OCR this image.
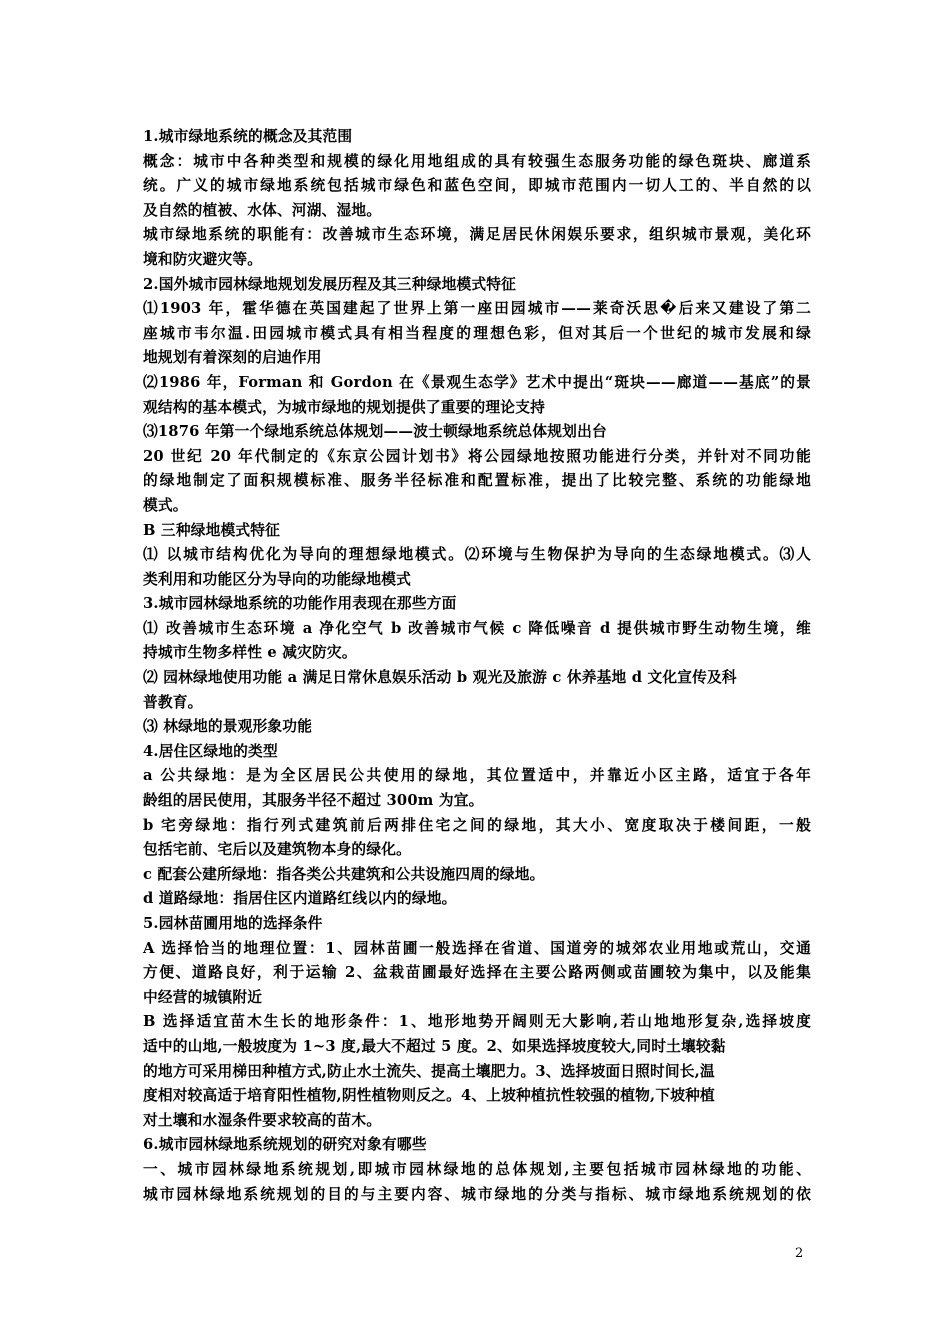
1.城市绿地系统的概念及其范围
概念：城市中各种类型和规模的绿化用地组成的具有较强生态服务功能的绿色斑块、廊道系
统。广义的城市绿地系统包括城市绿色和蓝色空间，即城市范围内一切人工的、半自然的以
及自然的植被、水体、河湖、湿地。
城市绿地系统的职能有：改善城市生态环境，满足居民休闲娱乐要求，组织城市景观，美化环
境和防灾避灾等。
2.国外城市园林绿地规划发展历程及其三种绿地模式特征
⑴1903 年，霍华德在英国建起了世界上第一座田园城市——莱奇沃思�后来又建设了第二
座城市韦尔温.田园城市模式具有相当程度的理想色彩，但对其后一个世纪的城市发展和绿
地规划有着深刻的启迪作用
⑵1986 年，Forman 和 Gordon 在《景观生态学》艺术中提出“斑块——廊道——基底”的景
观结构的基本模式，为城市绿地的规划提供了重要的理论支持
⑶1876 年第一个绿地系统总体规划——波士顿绿地系统总体规划出台
20 世纪 20 年代制定的《东京公园计划书》将公园绿地按照功能进行分类，并针对不同功能
的绿地制定了面积规模标准、服务半径标准和配置标准，提出了比较完整、系统的功能绿地
模式。
B 三种绿地模式特征
⑴ 以城市结构优化为导向的理想绿地模式。⑵环境与生物保护为导向的生态绿地模式。⑶人
类利用和功能区分为导向的功能绿地模式
3.城市园林绿地系统的功能作用表现在那些方面
⑴ 改善城市生态环境 a 净化空气 b 改善城市气候 c 降低噪音 d 提供城市野生动物生境，维
持城市生物多样性 e 减灾防灾。
⑵ 园林绿地使用功能 a 满足日常休息娱乐活动 b 观光及旅游 c 休养基地 d 文化宣传及科
普教育。
⑶ 林绿地的景观形象功能
4.居住区绿地的类型
a 公共绿地：是为全区居民公共使用的绿地，其位置适中，并靠近小区主路，适宜于各年
龄组的居民使用，其服务半径不超过 300m 为宜。
b 宅旁绿地：指行列式建筑前后两排住宅之间的绿地，其大小、宽度取决于楼间距，一般
包括宅前、宅后以及建筑物本身的绿化。
c 配套公建所绿地：指各类公共建筑和公共设施四周的绿地。
d 道路绿地：指居住区内道路红线以内的绿地。
5.园林苗圃用地的选择条件
A 选择恰当的地理位置：1、园林苗圃一般选择在省道、国道旁的城郊农业用地或荒山，交通
方便、道路良好，利于运输 2、盆栽苗圃最好选择在主要公路两侧或苗圃较为集中，以及能集
中经营的城镇附近
B 选择适宜苗木生长的地形条件：1、地形地势开阔则无大影响,若山地地形复杂,选择坡度
适中的山地,一般坡度为 1~3 度,最大不超过 5 度。2、如果选择坡度较大,同时土壤较黏
的地方可采用梯田种植方式,防止水土流失、提高土壤肥力。3、选择坡面日照时间长,温
度相对较高适于培育阳性植物,阴性植物则反之。4、上坡种植抗性较强的植物,下坡种植
对土壤和水湿条件要求较高的苗木。
6.城市园林绿地系统规划的研究对象有哪些
一、城市园林绿地系统规划,即城市园林绿地的总体规划,主要包括城市园林绿地的功能、
城市园林绿地系统规划的目的与主要内容、城市绿地的分类与指标、城市绿地系统规划的依
2
